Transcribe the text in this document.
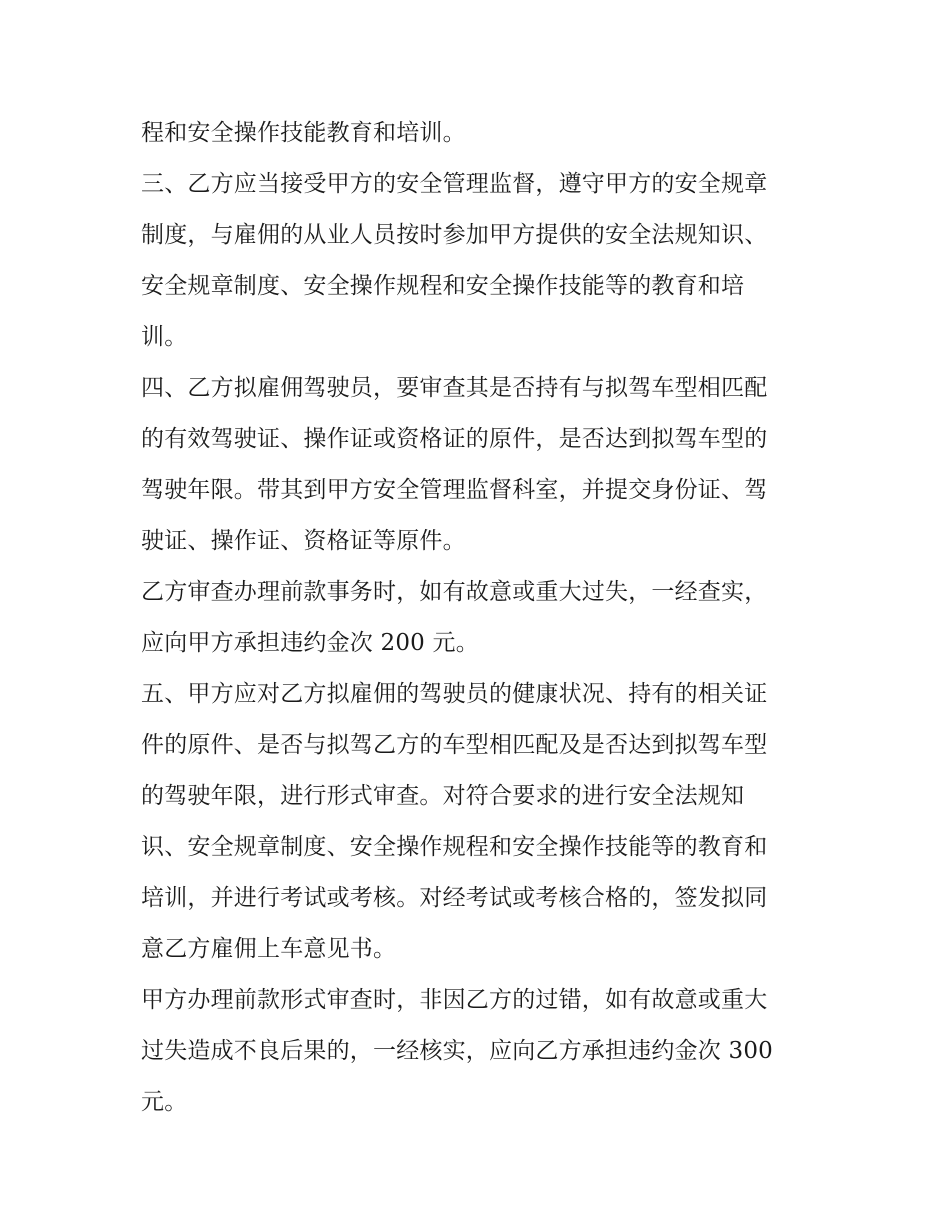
程和安全操作技能教育和培训。
三、乙方应当接受甲方的安全管理监督，遵守甲方的安全规章
制度，与雇佣的从业人员按时参加甲方提供的安全法规知识、
安全规章制度、安全操作规程和安全操作技能等的教育和培
训。
四、乙方拟雇佣驾驶员，要审查其是否持有与拟驾车型相匹配
的有效驾驶证、操作证或资格证的原件，是否达到拟驾车型的
驾驶年限。带其到甲方安全管理监督科室，并提交身份证、驾
驶证、操作证、资格证等原件。
乙方审查办理前款事务时，如有故意或重大过失，一经查实，
应向甲方承担违约金次 200 元。
五、甲方应对乙方拟雇佣的驾驶员的健康状况、持有的相关证
件的原件、是否与拟驾乙方的车型相匹配及是否达到拟驾车型
的驾驶年限，进行形式审查。对符合要求的进行安全法规知
识、安全规章制度、安全操作规程和安全操作技能等的教育和
培训，并进行考试或考核。对经考试或考核合格的，签发拟同
意乙方雇佣上车意见书。
甲方办理前款形式审查时，非因乙方的过错，如有故意或重大
过失造成不良后果的，一经核实，应向乙方承担违约金次 300
元。
